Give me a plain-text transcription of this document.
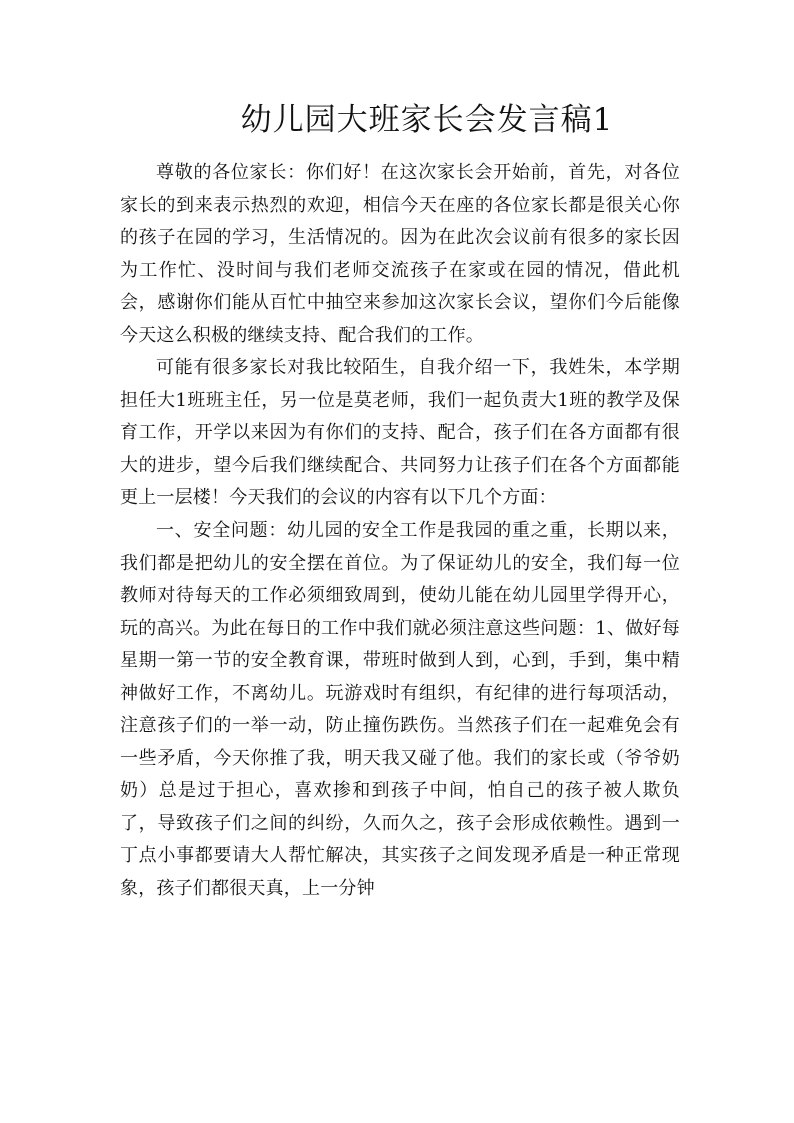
幼儿园大班家长会发言稿1

尊敬的各位家长：你们好！在这次家长会开始前，首先，对各位家长的到来表示热烈的欢迎，相信今天在座的各位家长都是很关心你的孩子在园的学习，生活情况的。因为在此次会议前有很多的家长因为工作忙、没时间与我们老师交流孩子在家或在园的情况，借此机会，感谢你们能从百忙中抽空来参加这次家长会议，望你们今后能像今天这么积极的继续支持、配合我们的工作。

可能有很多家长对我比较陌生，自我介绍一下，我姓朱，本学期担任大1班班主任，另一位是莫老师，我们一起负责大1班的教学及保育工作，开学以来因为有你们的支持、配合，孩子们在各方面都有很大的进步，望今后我们继续配合、共同努力让孩子们在各个方面都能更上一层楼！今天我们的会议的内容有以下几个方面：

一、安全问题：幼儿园的安全工作是我园的重之重，长期以来，我们都是把幼儿的安全摆在首位。为了保证幼儿的安全，我们每一位教师对待每天的工作必须细致周到，使幼儿能在幼儿园里学得开心，玩的高兴。为此在每日的工作中我们就必须注意这些问题：1、做好每星期一第一节的安全教育课，带班时做到人到，心到，手到，集中精神做好工作，不离幼儿。玩游戏时有组织，有纪律的进行每项活动，注意孩子们的一举一动，防止撞伤跌伤。当然孩子们在一起难免会有一些矛盾，今天你推了我，明天我又碰了他。我们的家长或（爷爷奶奶）总是过于担心，喜欢掺和到孩子中间，怕自己的孩子被人欺负了，导致孩子们之间的纠纷，久而久之，孩子会形成依赖性。遇到一丁点小事都要请大人帮忙解决，其实孩子之间发现矛盾是一种正常现象，孩子们都很天真，上一分钟
